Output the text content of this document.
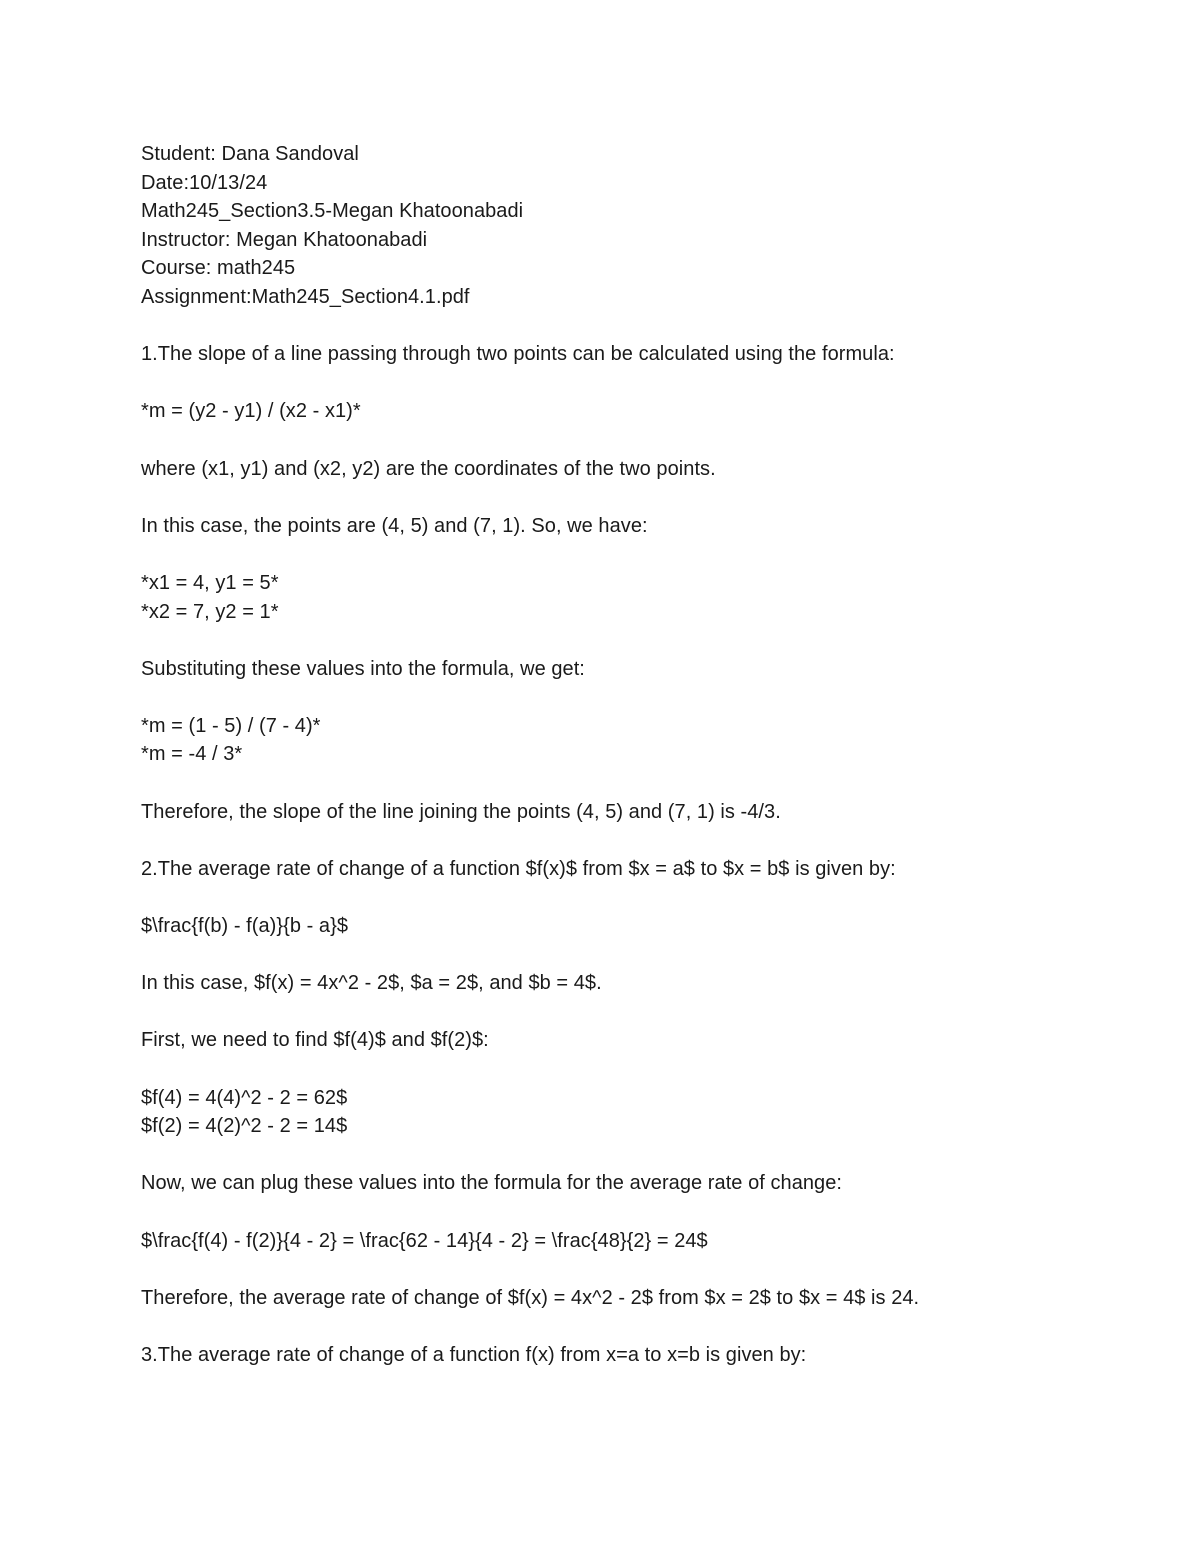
Student: Dana Sandoval
Date:10/13/24
Math245_Section3.5-Megan Khatoonabadi
Instructor: Megan Khatoonabadi
Course: math245
Assignment:Math245_Section4.1.pdf
1.The slope of a line passing through two points can be calculated using the formula:
*m = (y2 - y1) / (x2 - x1)*
where (x1, y1) and (x2, y2) are the coordinates of the two points.
In this case, the points are (4, 5) and (7, 1). So, we have:
*x1 = 4, y1 = 5*
*x2 = 7, y2 = 1*
Substituting these values into the formula, we get:
*m = (1 - 5) / (7 - 4)*
*m = -4 / 3*
Therefore, the slope of the line joining the points (4, 5) and (7, 1) is -4/3.
2.The average rate of change of a function $f(x)$ from $x = a$ to $x = b$ is given by:
$\frac{f(b) - f(a)}{b - a}$
In this case, $f(x) = 4x^2 - 2$, $a = 2$, and $b = 4$.
First, we need to find $f(4)$ and $f(2)$:
$f(4) = 4(4)^2 - 2 = 62$
$f(2) = 4(2)^2 - 2 = 14$
Now, we can plug these values into the formula for the average rate of change:
$\frac{f(4) - f(2)}{4 - 2} = \frac{62 - 14}{4 - 2} = \frac{48}{2} = 24$
Therefore, the average rate of change of $f(x) = 4x^2 - 2$ from $x = 2$ to $x = 4$ is 24.
3.The average rate of change of a function f(x) from x=a to x=b is given by:
